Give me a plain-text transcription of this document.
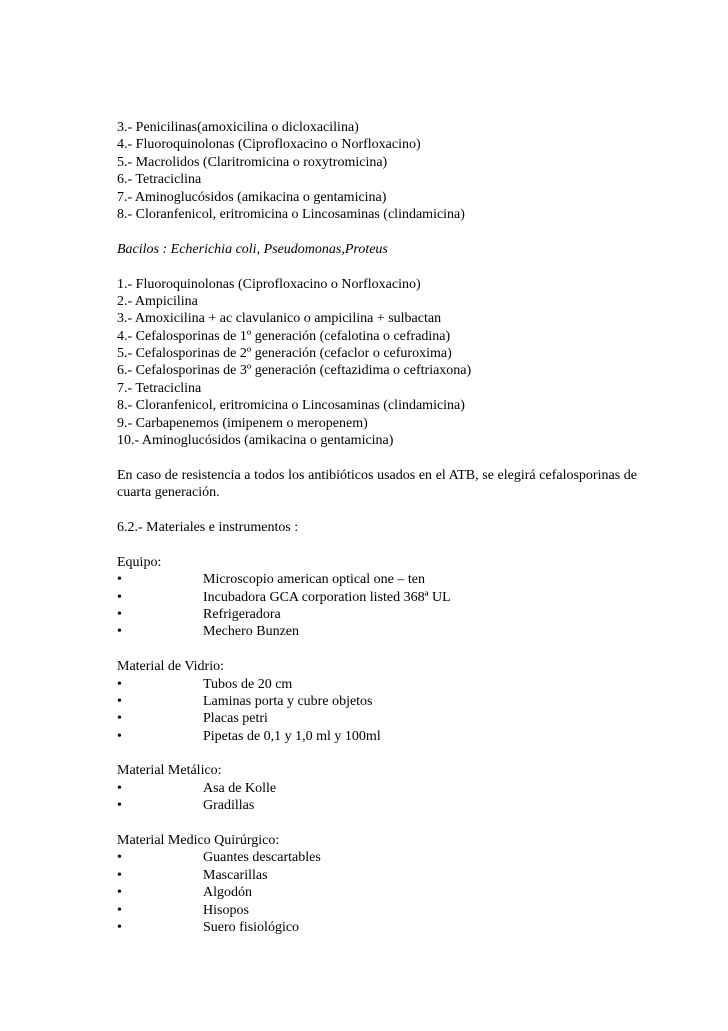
3.- Penicilinas(amoxicilina o dicloxacilina)
4.- Fluoroquinolonas (Ciprofloxacino o Norfloxacino)
5.- Macrolidos (Claritromicina o roxytromicina)
6.- Tetraciclina
7.- Aminoglucósidos (amikacina o gentamicina)
8.- Cloranfenicol, eritromicina o Lincosaminas (clindamicina)
Bacilos : Echerichia coli, Pseudomonas,Proteus
1.- Fluoroquinolonas (Ciprofloxacino o Norfloxacino)
2.- Ampicilina
3.- Amoxicilina + ac clavulanico o ampicilina + sulbactan
4.- Cefalosporinas de 1º generación (cefalotina o cefradina)
5.- Cefalosporinas de 2º generación (cefaclor o cefuroxima)
6.- Cefalosporinas de 3º generación (ceftazidima o ceftriaxona)
7.- Tetraciclina
8.- Cloranfenicol, eritromicina o Lincosaminas (clindamicina)
9.- Carbapenemos (imipenem o meropenem)
10.- Aminoglucósidos (amikacina o gentamicina)
En caso de resistencia a todos los antibióticos usados en el ATB, se elegirá cefalosporinas de cuarta generación.
6.2.- Materiales e instrumentos :
Equipo:
•	Microscopio american optical one – ten
•	Incubadora GCA corporation listed 368ª UL
•	Refrigeradora
•	Mechero Bunzen
Material de Vidrio:
•	Tubos de 20 cm
•	Laminas porta y cubre objetos
•	Placas petri
•	Pipetas de 0,1 y 1,0 ml y 100ml
Material Metálico:
•	Asa de Kolle
•	Gradillas
Material Medico Quirúrgico:
•	Guantes descartables
•	Mascarillas
•	Algodón
•	Hisopos
•	Suero fisiológico
